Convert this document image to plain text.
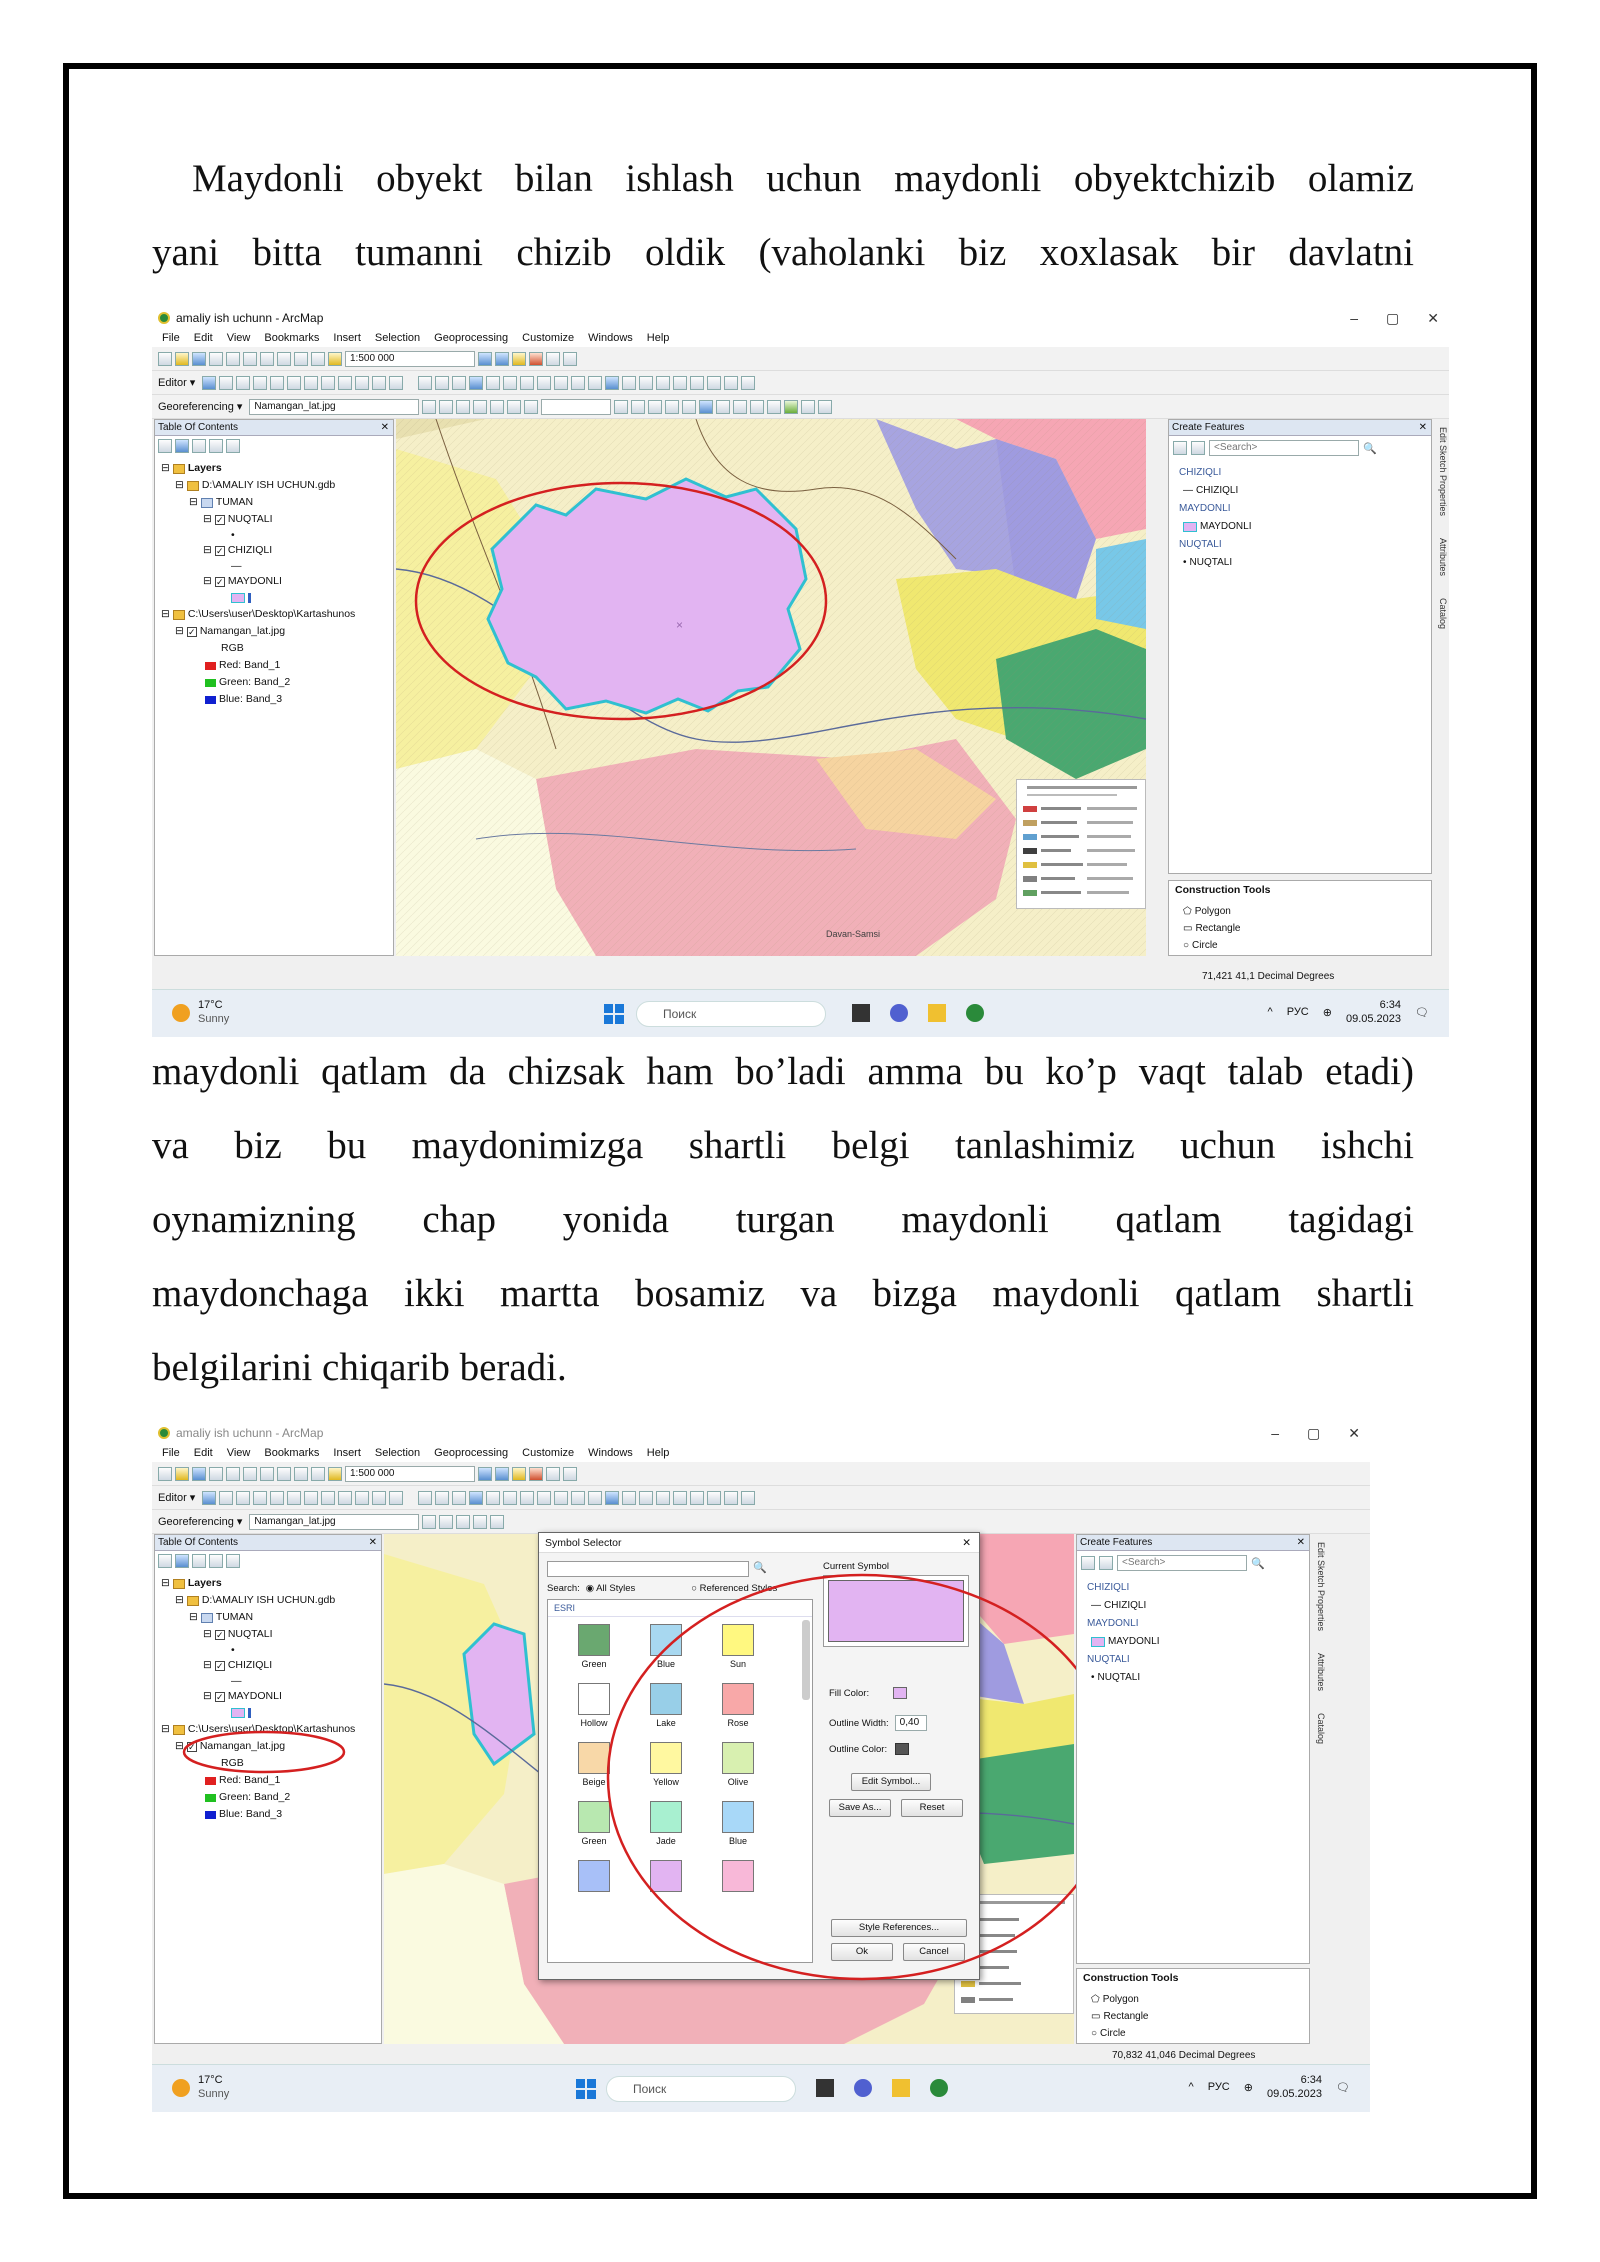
Maydonli obyekt bilan ishlash uchun maydonli obyektchizib olamiz
yani bitta tumanni chizib oldik (vaholanki biz xoxlasak bir davlatni
amaliy ish uchunn - ArcMap	– ▢ ✕
File Edit View Bookmarks Insert Selection Geoprocessing Customize Windows Help
1:500 000
Editor ▾
Georeferencing ▾	Namangan_lat.jpg
Table Of Contents	✕
⊟ Layers
⊟ D:\AMALIY ISH UCHUN.gdb
⊟ TUMAN
⊟ ✓ NUQTALI
•
⊟ ✓ CHIZIQLI
—
⊟ ✓ MAYDONLI
⊟ C:\Users\user\Desktop\Kartashunos
⊟ ✓ Namangan_lat.jpg
RGB
Red: Band_1
Green: Band_2
Blue: Band_3
×
Davan-Samsi
Create Features	✕
<Search>	🔍
CHIZIQLI
— CHIZIQLI
MAYDONLI
MAYDONLI
NUQTALI
• NUQTALI
Construction Tools
⬠ Polygon
▭ Rectangle
○ Circle
Edit Sketch Properties
Attributes
Catalog
71,421 41,1 Decimal Degrees
17°C
Sunny	Поиск	^ РУС ⊕
6:34
09.05.2023
🗨
maydonli qatlam da chizsak ham bo’ladi amma bu ko’p vaqt talab etadi)
va biz bu maydonimizga shartli belgi tanlashimiz uchun ishchi
oynamizning chap yonida turgan maydonli qatlam tagidagi
maydonchaga ikki martta bosamiz va bizga maydonli qatlam shartli
belgilarini chiqarib beradi.
amaliy ish uchunn - ArcMap	– ▢ ✕
File Edit View Bookmarks Insert Selection Geoprocessing Customize Windows Help
1:500 000
Editor ▾
Georeferencing ▾	Namangan_lat.jpg
Table Of Contents	✕
⊟ Layers
⊟ D:\AMALIY ISH UCHUN.gdb
⊟ TUMAN
⊟ ✓ NUQTALI
•
⊟ ✓ CHIZIQLI
—
⊟ ✓ MAYDONLI
⊟ C:\Users\user\Desktop\Kartashunos
⊟ ✓ Namangan_lat.jpg
RGB
Red: Band_1
Green: Band_2
Blue: Band_3
Symbol Selector	✕
🔍
Search: ◉ All Styles	○ Referenced Styles
ESRI
Green	Blue	Sun
Hollow	Lake	Rose
Beige	Yellow	Olive
Green	Jade	Blue
Current Symbol
Fill Color:
Outline Width:	0,40
Outline Color:
Edit Symbol...
Save As...	Reset
Style References...
Ok	Cancel
Create Features	✕
<Search>	🔍
CHIZIQLI
— CHIZIQLI
MAYDONLI
MAYDONLI
NUQTALI
• NUQTALI
Construction Tools
⬠ Polygon
▭ Rectangle
○ Circle
Edit Sketch Properties
Attributes
Catalog
70,832 41,046 Decimal Degrees
17°C
Sunny	Поиск	^ РУС ⊕
6:34
09.05.2023
🗨
